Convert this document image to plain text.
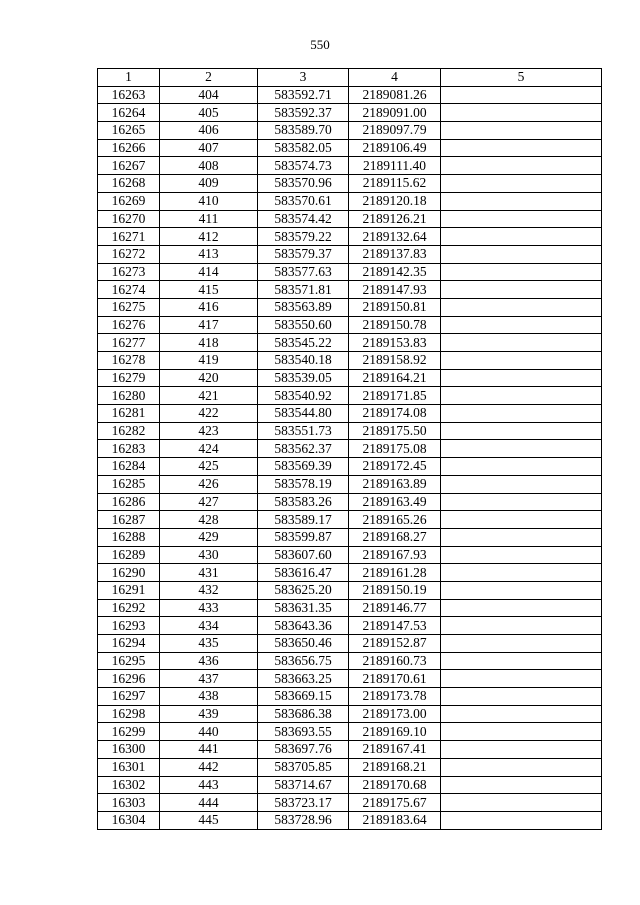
550
1	2	3	4	5
16263	404	583592.71	2189081.26	
16264	405	583592.37	2189091.00	
16265	406	583589.70	2189097.79	
16266	407	583582.05	2189106.49	
16267	408	583574.73	2189111.40	
16268	409	583570.96	2189115.62	
16269	410	583570.61	2189120.18	
16270	411	583574.42	2189126.21	
16271	412	583579.22	2189132.64	
16272	413	583579.37	2189137.83	
16273	414	583577.63	2189142.35	
16274	415	583571.81	2189147.93	
16275	416	583563.89	2189150.81	
16276	417	583550.60	2189150.78	
16277	418	583545.22	2189153.83	
16278	419	583540.18	2189158.92	
16279	420	583539.05	2189164.21	
16280	421	583540.92	2189171.85	
16281	422	583544.80	2189174.08	
16282	423	583551.73	2189175.50	
16283	424	583562.37	2189175.08	
16284	425	583569.39	2189172.45	
16285	426	583578.19	2189163.89	
16286	427	583583.26	2189163.49	
16287	428	583589.17	2189165.26	
16288	429	583599.87	2189168.27	
16289	430	583607.60	2189167.93	
16290	431	583616.47	2189161.28	
16291	432	583625.20	2189150.19	
16292	433	583631.35	2189146.77	
16293	434	583643.36	2189147.53	
16294	435	583650.46	2189152.87	
16295	436	583656.75	2189160.73	
16296	437	583663.25	2189170.61	
16297	438	583669.15	2189173.78	
16298	439	583686.38	2189173.00	
16299	440	583693.55	2189169.10	
16300	441	583697.76	2189167.41	
16301	442	583705.85	2189168.21	
16302	443	583714.67	2189170.68	
16303	444	583723.17	2189175.67	
16304	445	583728.96	2189183.64	
